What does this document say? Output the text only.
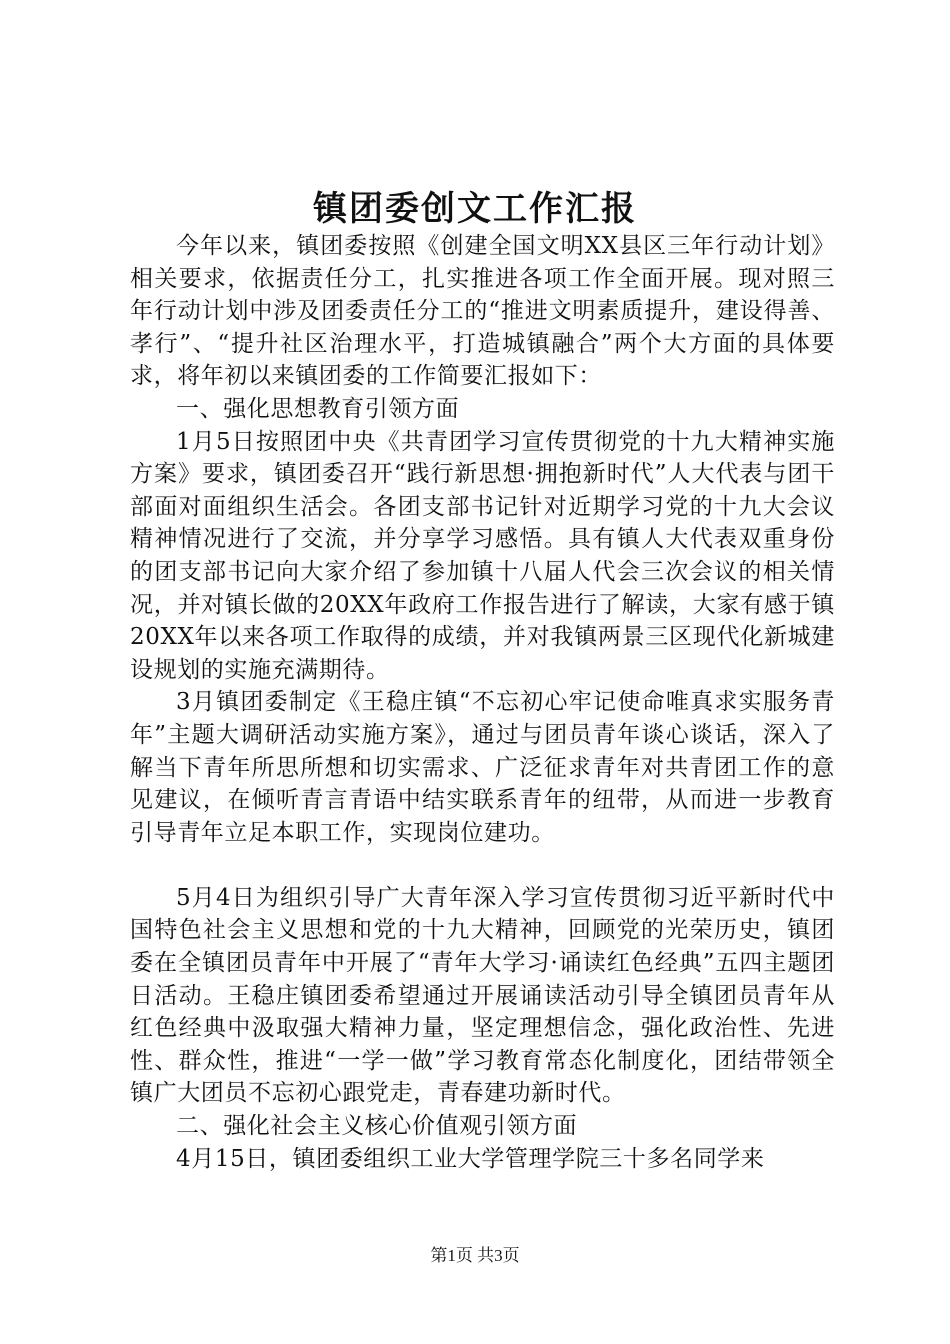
镇团委创文工作汇报

今年以来，镇团委按照《创建全国文明XX县区三年行动计划》相关要求，依据责任分工，扎实推进各项工作全面开展。现对照三年行动计划中涉及团委责任分工的“推进文明素质提升，建设得善、孝行”、“提升社区治理水平，打造城镇融合”两个大方面的具体要求，将年初以来镇团委的工作简要汇报如下：

一、强化思想教育引领方面

1月5日按照团中央《共青团学习宣传贯彻党的十九大精神实施方案》要求，镇团委召开“践行新思想·拥抱新时代”人大代表与团干部面对面组织生活会。各团支部书记针对近期学习党的十九大会议精神情况进行了交流，并分享学习感悟。具有镇人大代表双重身份的团支部书记向大家介绍了参加镇十八届人代会三次会议的相关情况，并对镇长做的20XX年政府工作报告进行了解读，大家有感于镇20XX年以来各项工作取得的成绩，并对我镇两景三区现代化新城建设规划的实施充满期待。

3月镇团委制定《王稳庄镇“不忘初心牢记使命唯真求实服务青年”主题大调研活动实施方案》，通过与团员青年谈心谈话，深入了解当下青年所思所想和切实需求、广泛征求青年对共青团工作的意见建议，在倾听青言青语中结实联系青年的纽带，从而进一步教育引导青年立足本职工作，实现岗位建功。

5月4日为组织引导广大青年深入学习宣传贯彻习近平新时代中国特色社会主义思想和党的十九大精神，回顾党的光荣历史，镇团委在全镇团员青年中开展了“青年大学习·诵读红色经典”五四主题团日活动。王稳庄镇团委希望通过开展诵读活动引导全镇团员青年从红色经典中汲取强大精神力量，坚定理想信念，强化政治性、先进性、群众性，推进“一学一做”学习教育常态化制度化，团结带领全镇广大团员不忘初心跟党走，青春建功新时代。

二、强化社会主义核心价值观引领方面

4月15日，镇团委组织工业大学管理学院三十多名同学来

第1页 共3页
